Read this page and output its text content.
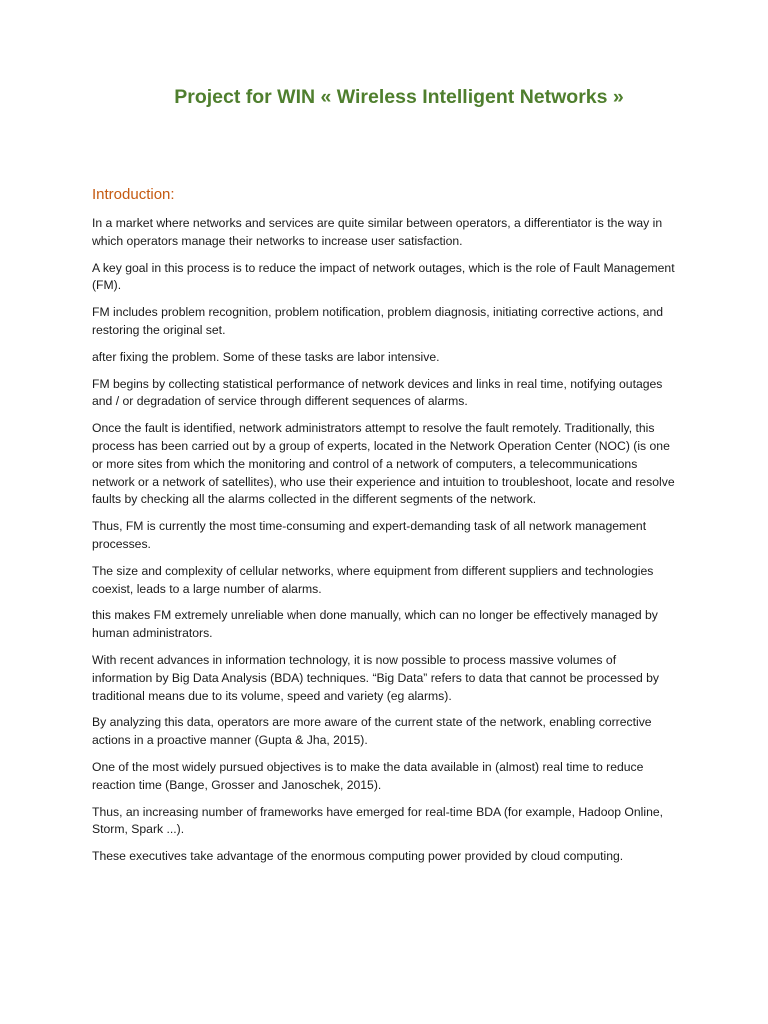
Project for WIN « Wireless Intelligent Networks »
Introduction:

In a market where networks and services are quite similar between operators, a differentiator is the way in which operators manage their networks to increase user satisfaction.

A key goal in this process is to reduce the impact of network outages, which is the role of Fault Management (FM).

FM includes problem recognition, problem notification, problem diagnosis, initiating corrective actions, and restoring the original set.

after fixing the problem. Some of these tasks are labor intensive.

FM begins by collecting statistical performance of network devices and links in real time, notifying outages and / or degradation of service through different sequences of alarms.

Once the fault is identified, network administrators attempt to resolve the fault remotely. Traditionally, this process has been carried out by a group of experts, located in the Network Operation Center (NOC) (is one or more sites from which the monitoring and control of a network of computers, a telecommunications network or a network of satellites), who use their experience and intuition to troubleshoot, locate and resolve faults by checking all the alarms collected in the different segments of the network.

Thus, FM is currently the most time-consuming and expert-demanding task of all network management processes.

The size and complexity of cellular networks, where equipment from different suppliers and technologies coexist, leads to a large number of alarms.

this makes FM extremely unreliable when done manually, which can no longer be effectively managed by human administrators.

With recent advances in information technology, it is now possible to process massive volumes of information by Big Data Analysis (BDA) techniques. “Big Data” refers to data that cannot be processed by traditional means due to its volume, speed and variety (eg alarms).

By analyzing this data, operators are more aware of the current state of the network, enabling corrective actions in a proactive manner (Gupta & Jha, 2015).

One of the most widely pursued objectives is to make the data available in (almost) real time to reduce reaction time (Bange, Grosser and Janoschek, 2015).

Thus, an increasing number of frameworks have emerged for real-time BDA (for example, Hadoop Online, Storm, Spark ...).

These executives take advantage of the enormous computing power provided by cloud computing.
